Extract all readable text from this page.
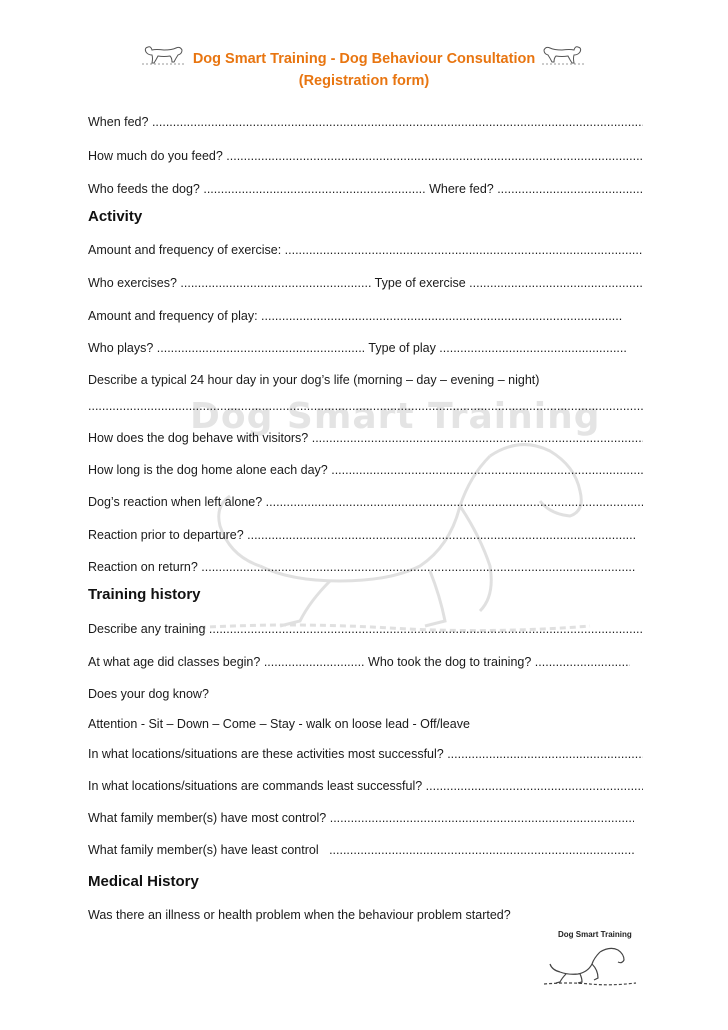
Dog Smart Training - Dog Behaviour Consultation
(Registration form)
Dog Smart Training
When fed? .....
How much do you feed? .....
Who feeds the dog? ................................................................ Where fed? .....
Activity
Amount and frequency of exercise: .....
Who exercises? ....................................................... Type of exercise .....
Amount and frequency of play: .....
Who plays? ............................................................ Type of play .....
Describe a typical 24 hour day in your dog’s life (morning – day – evening – night)
.....
How does the dog behave with visitors? .....
How long is the dog home alone each day? .....
Dog’s reaction when left alone? .....
Reaction prior to departure? .....
Reaction on return? .....
Training history
Describe any training .....
At what age did classes begin? ............................. Who took the dog to training? .....
Does your dog know?
Attention - Sit – Down – Come – Stay - walk on loose lead - Off/leave
In what locations/situations are these activities most successful? .....
In what locations/situations are commands least successful? .....
What family member(s) have most control? .....
What family member(s) have least control   .....
Medical History
Was there an illness or health problem when the behaviour problem started?
Dog Smart Training
